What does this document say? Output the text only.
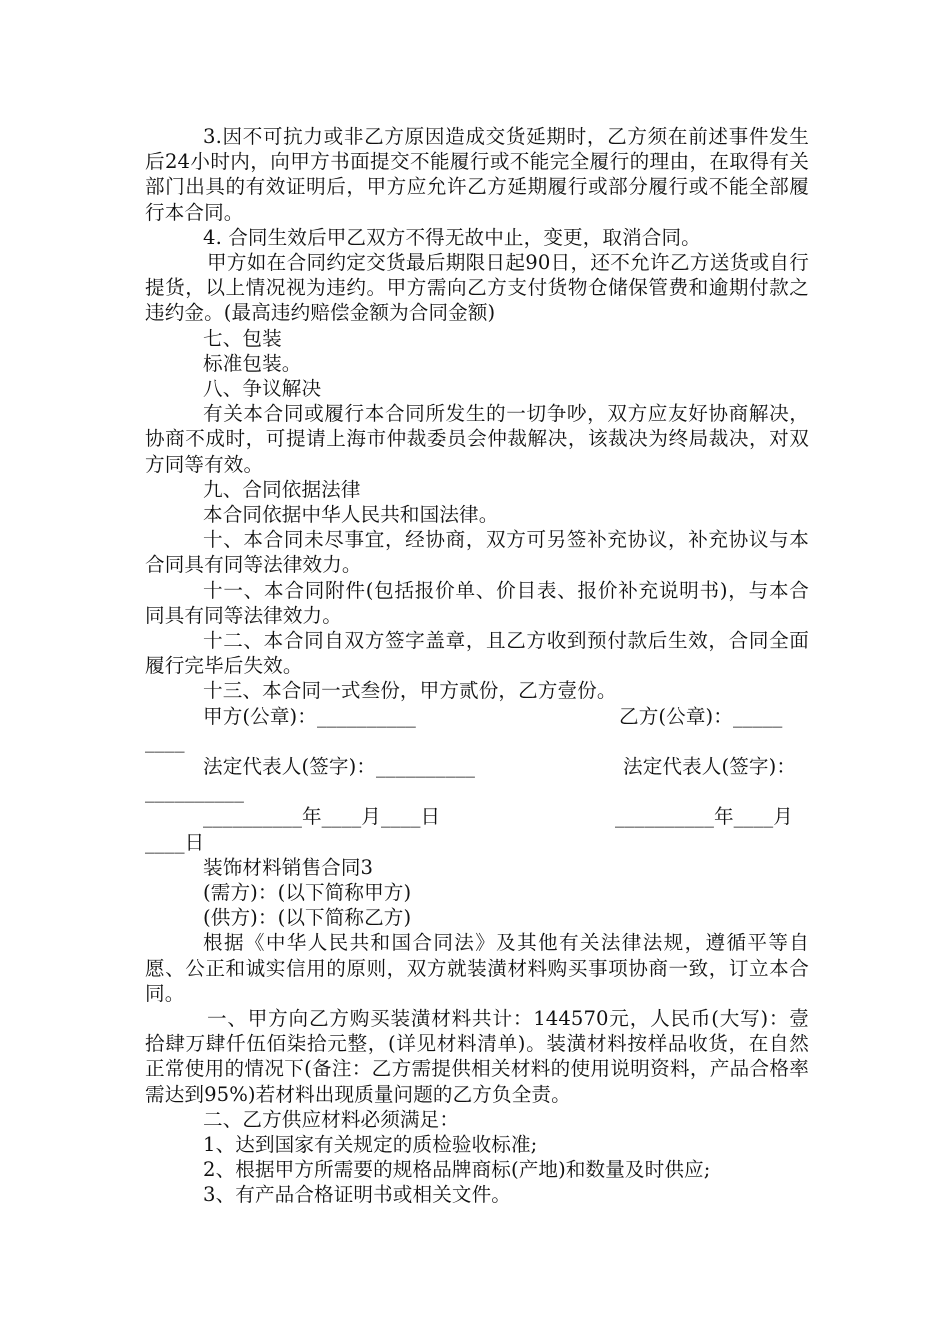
3.因不可抗力或非乙方原因造成交货延期时，乙方须在前述事件发生后24小时内，向甲方书面提交不能履行或不能完全履行的理由，在取得有关部门出具的有效证明后，甲方应允许乙方延期履行或部分履行或不能全部履行本合同。

4. 合同生效后甲乙双方不得无故中止，变更，取消合同。

甲方如在合同约定交货最后期限日起90日，还不允许乙方送货或自行提货，以上情况视为违约。甲方需向乙方支付货物仓储保管费和逾期付款之违约金。(最高违约赔偿金额为合同金额)

七、包装

标准包装。

八、争议解决

有关本合同或履行本合同所发生的一切争吵，双方应友好协商解决，协商不成时，可提请上海市仲裁委员会仲裁解决，该裁决为终局裁决，对双方同等有效。

九、合同依据法律

本合同依据中华人民共和国法律。

十、本合同未尽事宜，经协商，双方可另签补充协议，补充协议与本合同具有同等法律效力。

十一、本合同附件(包括报价单、价目表、报价补充说明书)，与本合同具有同等法律效力。

十二、本合同自双方签字盖章，且乙方收到预付款后生效，合同全面履行完毕后失效。

十三、本合同一式叁份，甲方贰份，乙方壹份。

甲方(公章)：__________

	乙方(公章)：_____

____

法定代表人(签字)：__________

	法定代表人(签字)：

__________

__________年____月____日

	__________年____月

____日

装饰材料销售合同3

(需方)：(以下简称甲方)

(供方)：(以下简称乙方)

根据《中华人民共和国合同法》及其他有关法律法规，遵循平等自愿、公正和诚实信用的原则，双方就装潢材料购买事项协商一致，订立本合同。

一、甲方向乙方购买装潢材料共计：144570元，人民币(大写)：壹拾肆万肆仟伍佰柒拾元整，(详见材料清单)。装潢材料按样品收货，在自然正常使用的情况下(备注：乙方需提供相关材料的使用说明资料，产品合格率需达到95%)若材料出现质量问题的乙方负全责。

二、乙方供应材料必须满足：

1、达到国家有关规定的质检验收标准;

2、根据甲方所需要的规格品牌商标(产地)和数量及时供应;

3、有产品合格证明书或相关文件。
